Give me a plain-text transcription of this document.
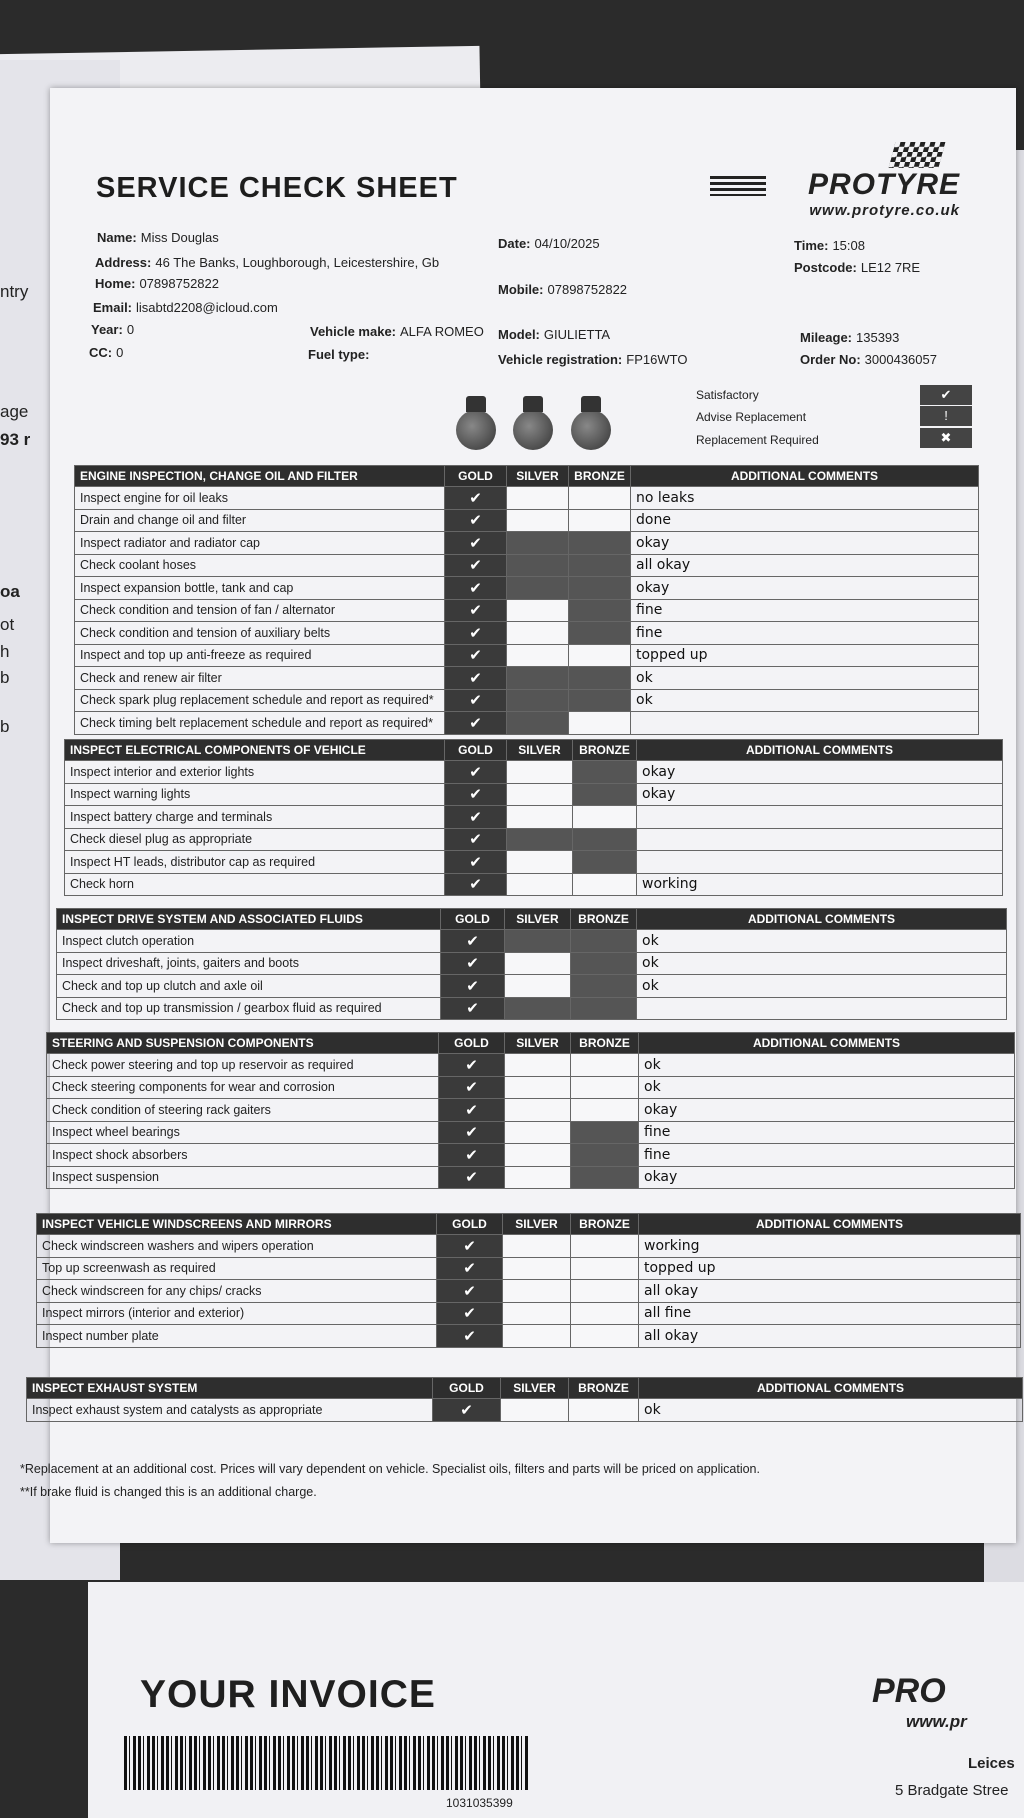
ntry
age
93 r
oa
ot
h
b
b
SERVICE CHECK SHEET	PROTYRE
www.protyre.co.uk
Name: Miss Douglas
Address: 46 The Banks, Loughborough, Leicestershire, Gb
Home: 07898752822
Email: lisabtd2208@icloud.com
Year: 0
CC: 0
Vehicle make: ALFA ROMEO
Fuel type:
Date: 04/10/2025
Mobile: 07898752822
Model: GIULIETTA
Vehicle registration: FP16WTO
Time: 15:08
Postcode: LE12 7RE
Mileage: 135393
Order No: 3000436057
Satisfactory
Advise Replacement
Replacement Required
✔
!
✖
ENGINE INSPECTION, CHANGE OIL AND FILTER	GOLD	SILVER	BRONZE	ADDITIONAL COMMENTS
Inspect engine for oil leaks	✔			no leaks
Drain and change oil and filter	✔			done
Inspect radiator and radiator cap	✔			okay
Check coolant hoses	✔			all okay
Inspect expansion bottle, tank and cap	✔			okay
Check condition and tension of fan / alternator	✔			fine
Check condition and tension of auxiliary belts	✔			fine
Inspect and top up anti-freeze as required	✔			topped up
Check and renew air filter	✔			ok
Check spark plug replacement schedule and report as required*	✔			ok
Check timing belt replacement schedule and report as required*	✔			
INSPECT ELECTRICAL COMPONENTS OF VEHICLE	GOLD	SILVER	BRONZE	ADDITIONAL COMMENTS
Inspect interior and exterior lights	✔			okay
Inspect warning lights	✔			okay
Inspect battery charge and terminals	✔			
Check diesel plug as appropriate	✔			
Inspect HT leads, distributor cap as required	✔			
Check horn	✔			working
INSPECT DRIVE SYSTEM AND ASSOCIATED FLUIDS	GOLD	SILVER	BRONZE	ADDITIONAL COMMENTS
Inspect clutch operation	✔			ok
Inspect driveshaft, joints, gaiters and boots	✔			ok
Check and top up clutch and axle oil	✔			ok
Check and top up transmission / gearbox fluid as required	✔			
STEERING AND SUSPENSION COMPONENTS	GOLD	SILVER	BRONZE	ADDITIONAL COMMENTS
Check power steering and top up reservoir as required	✔			ok
Check steering components for wear and corrosion	✔			ok
Check condition of steering rack gaiters	✔			okay
Inspect wheel bearings	✔			fine
Inspect shock absorbers	✔			fine
Inspect suspension	✔			okay
INSPECT VEHICLE WINDSCREENS AND MIRRORS	GOLD	SILVER	BRONZE	ADDITIONAL COMMENTS
Check windscreen washers and wipers operation	✔			working
Top up screenwash as required	✔			topped up
Check windscreen for any chips/ cracks	✔			all okay
Inspect mirrors (interior and exterior)	✔			all fine
Inspect number plate	✔			all okay
INSPECT EXHAUST SYSTEM	GOLD	SILVER	BRONZE	ADDITIONAL COMMENTS
Inspect exhaust system and catalysts as appropriate	✔			ok
*Replacement at an additional cost. Prices will vary dependent on vehicle. Specialist oils, filters and parts will be priced on application.
**If brake fluid is changed this is an additional charge.
YOUR INVOICE
1031035399
PRO
www.pr
Leices
5 Bradgate Stree
